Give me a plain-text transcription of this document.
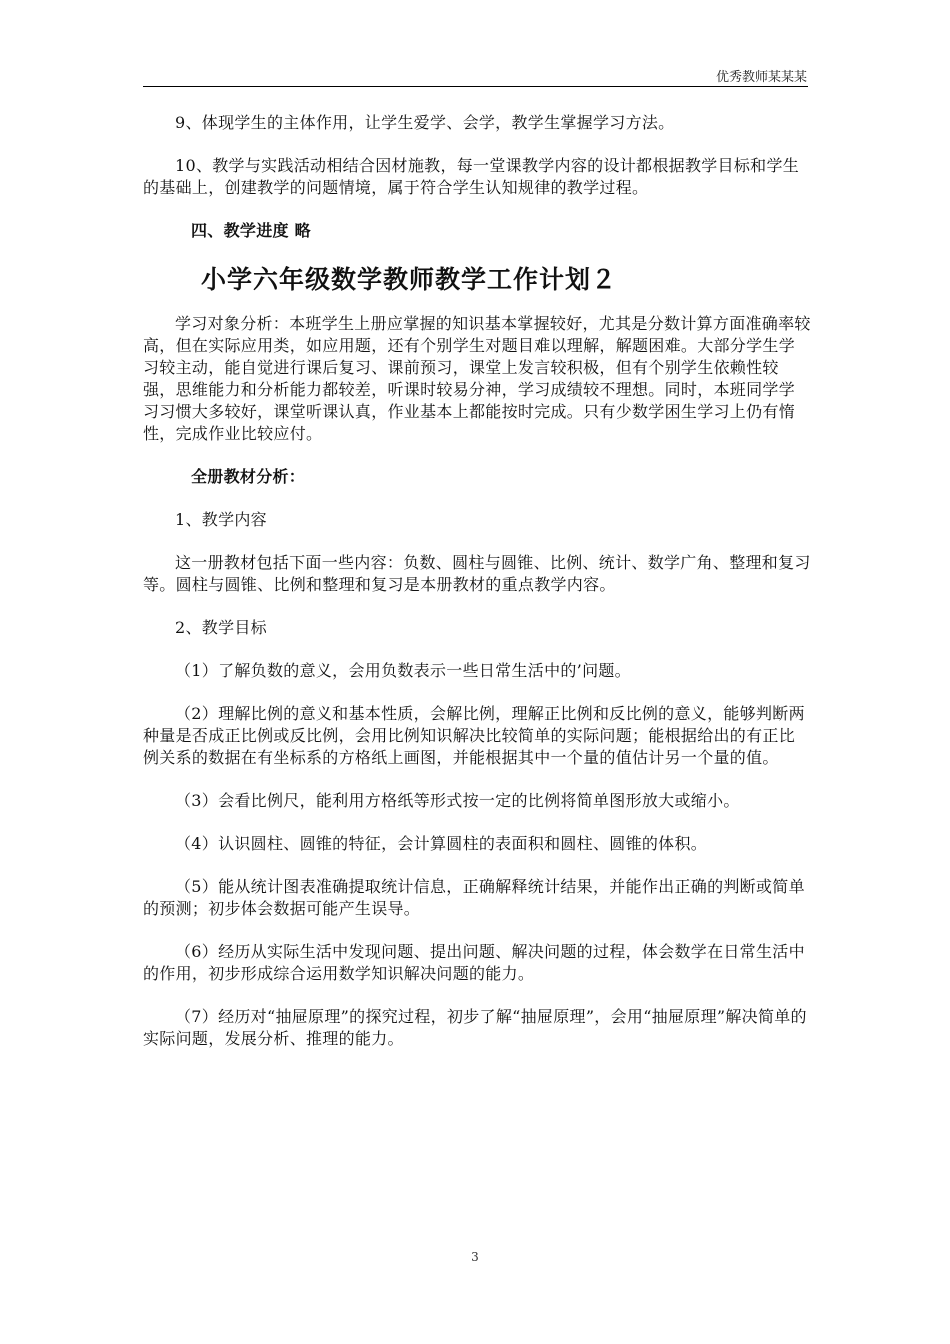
优秀教师某某某

9、体现学生的主体作用，让学生爱学、会学，教学生掌握学习方法。

10、教学与实践活动相结合因材施教，每一堂课教学内容的设计都根据教学目标和学生的基础上，创建教学的问题情境，属于符合学生认知规律的教学过程。

四、教学进度 略

小学六年级数学教师教学工作计划２

学习对象分析：本班学生上册应掌握的知识基本掌握较好，尤其是分数计算方面准确率较高，但在实际应用类，如应用题，还有个别学生对题目难以理解，解题困难。大部分学生学习较主动，能自觉进行课后复习、课前预习，课堂上发言较积极，但有个别学生依赖性较强，思维能力和分析能力都较差，听课时较易分神，学习成绩较不理想。同时，本班同学学习习惯大多较好，课堂听课认真，作业基本上都能按时完成。只有少数学困生学习上仍有惰性，完成作业比较应付。

全册教材分析：

1、教学内容

这一册教材包括下面一些内容：负数、圆柱与圆锥、比例、统计、数学广角、整理和复习等。圆柱与圆锥、比例和整理和复习是本册教材的重点教学内容。

2、教学目标

（1）了解负数的意义，会用负数表示一些日常生活中的’问题。

（2）理解比例的意义和基本性质，会解比例，理解正比例和反比例的意义，能够判断两种量是否成正比例或反比例，会用比例知识解决比较简单的实际问题；能根据给出的有正比例关系的数据在有坐标系的方格纸上画图，并能根据其中一个量的值估计另一个量的值。

（3）会看比例尺，能利用方格纸等形式按一定的比例将简单图形放大或缩小。

（4）认识圆柱、圆锥的特征，会计算圆柱的表面积和圆柱、圆锥的体积。

（5）能从统计图表准确提取统计信息，正确解释统计结果，并能作出正确的判断或简单的预测；初步体会数据可能产生误导。

（6）经历从实际生活中发现问题、提出问题、解决问题的过程，体会数学在日常生活中的作用，初步形成综合运用数学知识解决问题的能力。

（7）经历对“抽屉原理”的探究过程，初步了解“抽屉原理”，会用“抽屉原理”解决简单的实际问题，发展分析、推理的能力。

3
